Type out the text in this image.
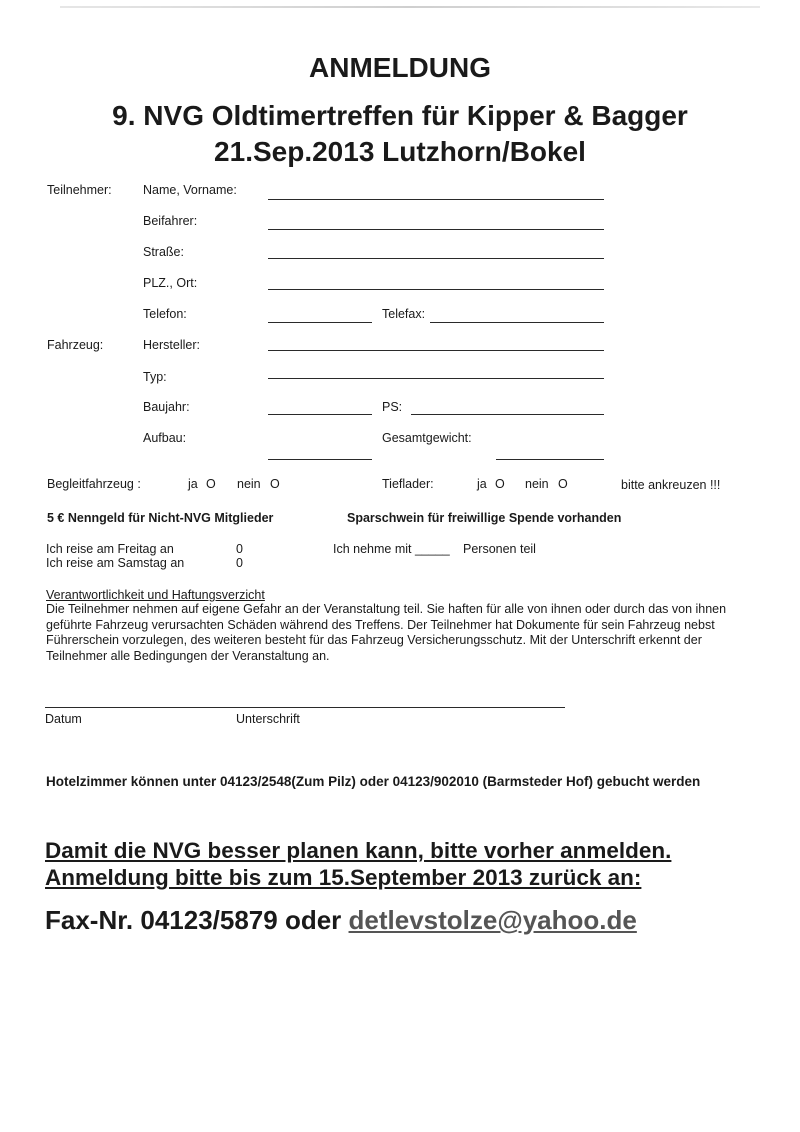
ANMELDUNG
9. NVG Oldtimertreffen für Kipper & Bagger
21.Sep.2013 Lutzhorn/Bokel
Teilnehmer:	Name, Vorname:
Beifahrer:
Straße:
PLZ., Ort:
Telefon:	Telefax:
Fahrzeug:	Hersteller:
Typ:
Baujahr:	PS:
Aufbau:	Gesamtgewicht:
Begleitfahrzeug :	ja O nein O	Tieflader:	ja O nein O	bitte ankreuzen !!!
5 € Nenngeld für Nicht-NVG Mitglieder	Sparschwein für freiwillige Spende vorhanden
Ich reise am Freitag an	0
Ich reise am Samstag an	0
Ich nehme mit _____ Personen teil
Verantwortlichkeit und Haftungsverzicht
Die Teilnehmer nehmen auf eigene Gefahr an der Veranstaltung teil. Sie haften für alle von ihnen oder durch das von ihnen geführte Fahrzeug verursachten Schäden während des Treffens. Der Teilnehmer hat Dokumente für sein Fahrzeug nebst Führerschein vorzulegen, des weiteren besteht für das Fahrzeug Versicherungsschutz. Mit der Unterschrift erkennt der Teilnehmer alle Bedingungen der Veranstaltung an.
Datum	Unterschrift
Hotelzimmer können unter 04123/2548(Zum Pilz) oder 04123/902010 (Barmsteder Hof) gebucht werden
Damit die NVG besser planen kann, bitte vorher anmelden.
Anmeldung bitte bis zum 15.September 2013 zurück an:
Fax-Nr. 04123/5879 oder detlevstolze@yahoo.de
